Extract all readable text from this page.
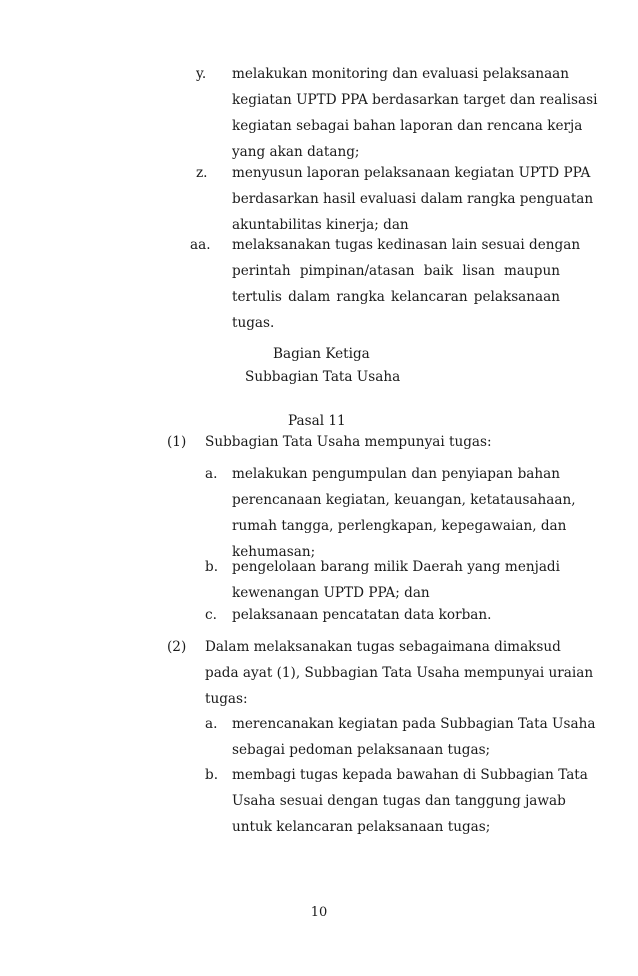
y. melakukan monitoring dan evaluasi pelaksanaan
kegiatan UPTD PPA berdasarkan target dan realisasi
kegiatan sebagai bahan laporan dan rencana kerja
yang akan datang;
z. menyusun laporan pelaksanaan kegiatan UPTD PPA
berdasarkan hasil evaluasi dalam rangka penguatan
akuntabilitas kinerja; dan
aa. melaksanakan tugas kedinasan lain sesuai dengan
perintah pimpinan/atasan baik lisan maupun
tertulis dalam rangka kelancaran pelaksanaan
tugas.
Bagian Ketiga
Subbagian Tata Usaha
Pasal 11
(1) Subbagian Tata Usaha mempunyai tugas:
a. melakukan pengumpulan dan penyiapan bahan
perencanaan kegiatan, keuangan, ketatausahaan,
rumah tangga, perlengkapan, kepegawaian, dan
kehumasan;
b. pengelolaan barang milik Daerah yang menjadi
kewenangan UPTD PPA; dan
c. pelaksanaan pencatatan data korban.
(2) Dalam melaksanakan tugas sebagaimana dimaksud
pada ayat (1), Subbagian Tata Usaha mempunyai uraian
tugas:
a. merencanakan kegiatan pada Subbagian Tata Usaha
sebagai pedoman pelaksanaan tugas;
b. membagi tugas kepada bawahan di Subbagian Tata
Usaha sesuai dengan tugas dan tanggung jawab
untuk kelancaran pelaksanaan tugas;
10
